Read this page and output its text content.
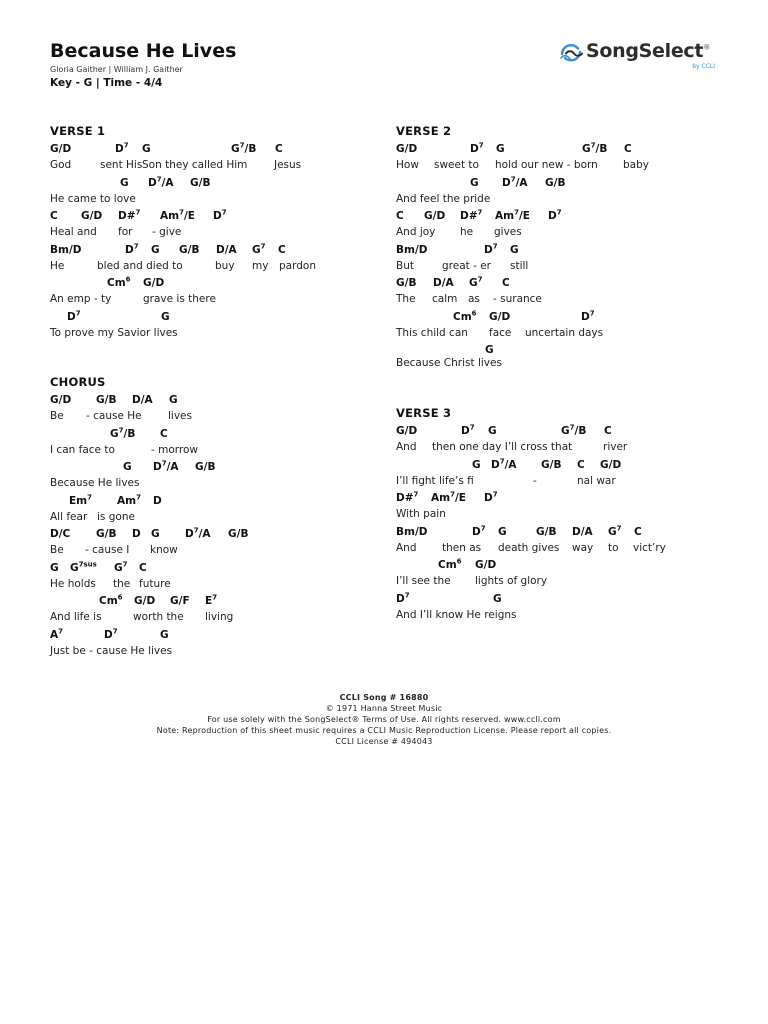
Because He Lives
Gloria Gaither | William J. Gaither
Key - G | Time - 4/4
SongSelect®
by CCLI
VERSE 1
G/D	$D^7$ G	$G^7/B$ C
God	sent His Son they called Him	Jesus
G $D^7/A$ G/B
He came to love
C G/D D#$^7$ Am$^7$/E $D^7$
Heal and for - give
Bm/D	$D^7$ G G/B D/A $G^7$ C
He	bled and died to	buy my pardon
Cm$^6$ G/D
An emp - ty	grave is there
$D^7$	G
To prove my Savior lives
CHORUS
G/D G/B D/A G
Be - cause He	lives
$G^7/B$ C
I can face to	- morrow
G $D^7/A$ G/B
Because He lives
Em$^7$ Am$^7$ D
All fear is gone
D/C G/B D G $D^7/A$ G/B
Be - cause I know
G $G^{7sus}$ $G^7$ C
He holds the future
Cm$^6$ G/D G/F $E^7$
And life is	worth the living
$A^7$	$D^7$	G
Just be - cause He lives
VERSE 2
G/D	$D^7$ G	$G^7/B$ C
How sweet to hold our new - born baby
G $D^7/A$ G/B
And feel the pride
C G/D D#$^7$ Am$^7$/E $D^7$
And joy he gives
Bm/D	$D^7$ G
But	great - er still
G/B D/A $G^7$ C
The calm as - surance
Cm$^6$ G/D	$D^7$
This child can face uncertain days
G
Because Christ lives
VERSE 3
G/D	$D^7$ G	$G^7/B$ C
And then one day I’ll cross that	river
G $D^7/A$ G/B C G/D
I’ll fight life’s fi	-	nal war
D#$^7$ Am$^7$/E $D^7$
With pain
Bm/D	$D^7$ G	G/B D/A $G^7$ C
And then as death gives way to vict’ry
Cm$^6$ G/D
I’ll see the lights of glory
$D^7$	G
And I’ll know He reigns
CCLI Song # 16880
© 1971 Hanna Street Music
For use solely with the SongSelect® Terms of Use. All rights reserved. www.ccli.com
Note: Reproduction of this sheet music requires a CCLI Music Reproduction License. Please report all copies.
CCLI License # 494043
